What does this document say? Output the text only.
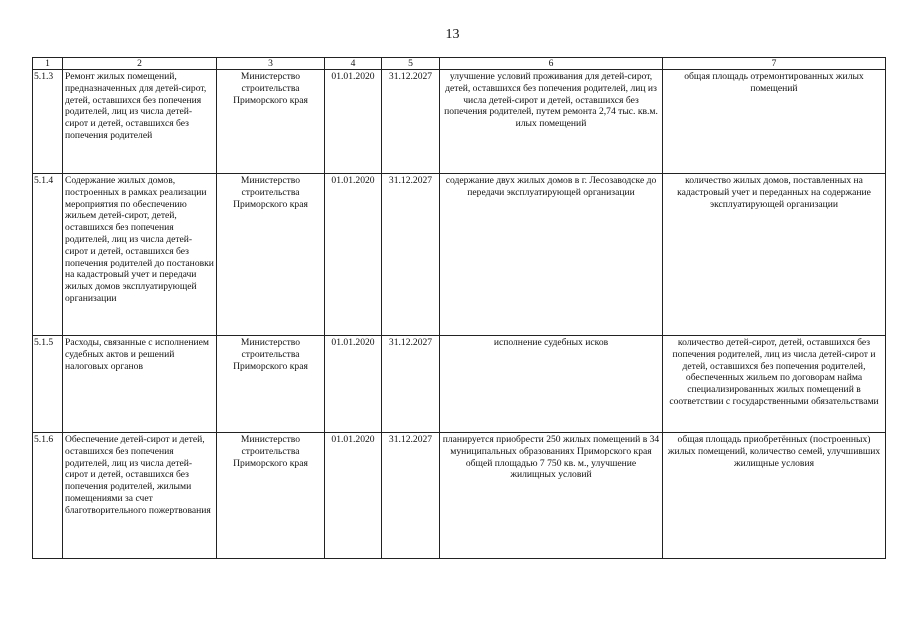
13
1	2	3	4	5	6	7
5.1.3	Ремонт жилых помещений, предназначенных для детей-сирот, детей, оставшихся без попечения родителей, лиц из числа детей-сирот и детей, оставшихся без попечения родителей	Министерство строительства Приморского края	01.01.2020	31.12.2027	улучшение условий проживания для детей-сирот, детей, оставшихся без попечения родителей, лиц из числа детей-сирот и детей, оставшихся без попечения родителей, путем ремонта 2,74 тыс. кв.м. илых помещений	общая площадь отремонтированных жилых помещений
5.1.4	Содержание жилых домов, построенных в рамках реализации мероприятия по обеспечению жильем детей-сирот, детей, оставшихся без попечения родителей, лиц из числа детей-сирот и детей, оставшихся без попечения родителей до постановки на кадастровый учет и передачи жилых домов эксплуатирующей организации	Министерство строительства Приморского края	01.01.2020	31.12.2027	содержание двух жилых домов в г. Лесозаводске до передачи эксплуатирующей организации	количество жилых домов, поставленных на кадастровый учет и переданных на содержание эксплуатирующей организации
5.1.5	Расходы, связанные с исполнением судебных актов и решений налоговых органов	Министерство строительства Приморского края	01.01.2020	31.12.2027	исполнение судебных исков	количество детей-сирот, детей, оставшихся без попечения родителей, лиц из числа детей-сирот и детей, оставшихся без попечения родителей, обеспеченных жильем по договорам найма специализированных жилых помещений в соответствии с государственными обязательствами
5.1.6	Обеспечение детей-сирот и детей, оставшихся без попечения родителей, лиц из числа детей-сирот и детей, оставшихся без попечения родителей, жилыми помещениями за счет благотворительного пожертвования	Министерство строительства Приморского края	01.01.2020	31.12.2027	планируется приобрести 250 жилых помещений в 34 муниципальных образованиях Приморского края общей площадью 7 750 кв. м., улучшение жилищных условий	общая площадь приобретённых (построенных) жилых помещений, количество семей, улучшивших жилищные условия
